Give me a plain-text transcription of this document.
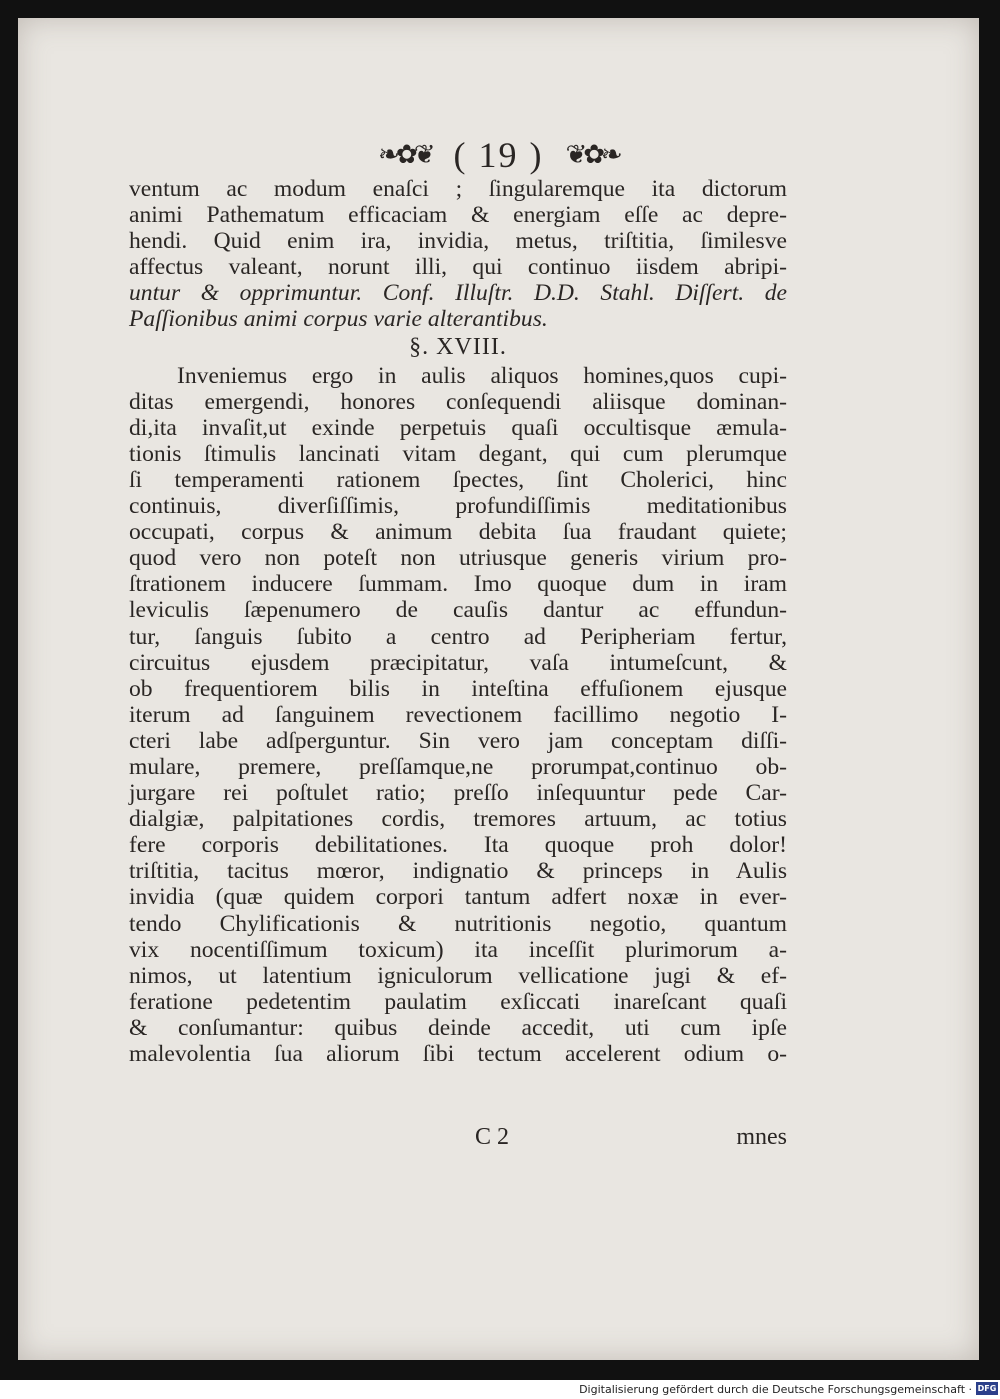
❧✿❦ ( 19 ) ❦✿❧
ventum ac modum enaſci ; ſingularemque ita dictorum
animi Pathematum efficaciam & energiam eſſe ac depre-
hendi. Quid enim ira, invidia, metus, triſtitia, ſimilesve
affectus valeant, norunt illi, qui continuo iisdem abripi-
untur & opprimuntur. Conf. Illuſtr. D.D. Stahl. Diſſert. de
Paſſionibus animi corpus varie alterantibus.
§. XVIII.
Inveniemus ergo in aulis aliquos homines,quos cupi-
ditas emergendi, honores conſequendi aliisque dominan-
di,ita invaſit,ut exinde perpetuis quaſi occultisque æmula-
tionis ſtimulis lancinati vitam degant, qui cum plerumque
ſi temperamenti rationem ſpectes, ſint Cholerici, hinc
continuis, diverſiſſimis, profundiſſimis meditationibus
occupati, corpus & animum debita ſua fraudant quiete;
quod vero non poteſt non utriusque generis virium pro-
ſtrationem inducere ſummam. Imo quoque dum in iram
leviculis ſæpenumero de cauſis dantur ac effundun-
tur, ſanguis ſubito a centro ad Peripheriam fertur,
circuitus ejusdem præcipitatur, vaſa intumeſcunt, &
ob frequentiorem bilis in inteſtina effuſionem ejusque
iterum ad ſanguinem revectionem facillimo negotio I-
cteri labe adſperguntur. Sin vero jam conceptam diſſi-
mulare, premere, preſſamque,ne prorumpat,continuo ob-
jurgare rei poſtulet ratio; preſſo inſequuntur pede Car-
dialgiæ, palpitationes cordis, tremores artuum, ac totius
fere corporis debilitationes. Ita quoque proh dolor!
triſtitia, tacitus mœror, indignatio & princeps in Aulis
invidia (quæ quidem corpori tantum adfert noxæ in ever-
tendo Chylificationis & nutritionis negotio, quantum
vix nocentiſſimum toxicum) ita inceſſit plurimorum a-
nimos, ut latentium igniculorum vellicatione jugi & ef-
feratione pedetentim paulatim exſiccati inareſcant quaſi
& conſumantur: quibus deinde accedit, uti cum ipſe
malevolentia ſua aliorum ſibi tectum accelerent odium o-
C 2	mnes
Digitalisierung gefördert durch die Deutsche Forschungsgemeinschaft · DFG
